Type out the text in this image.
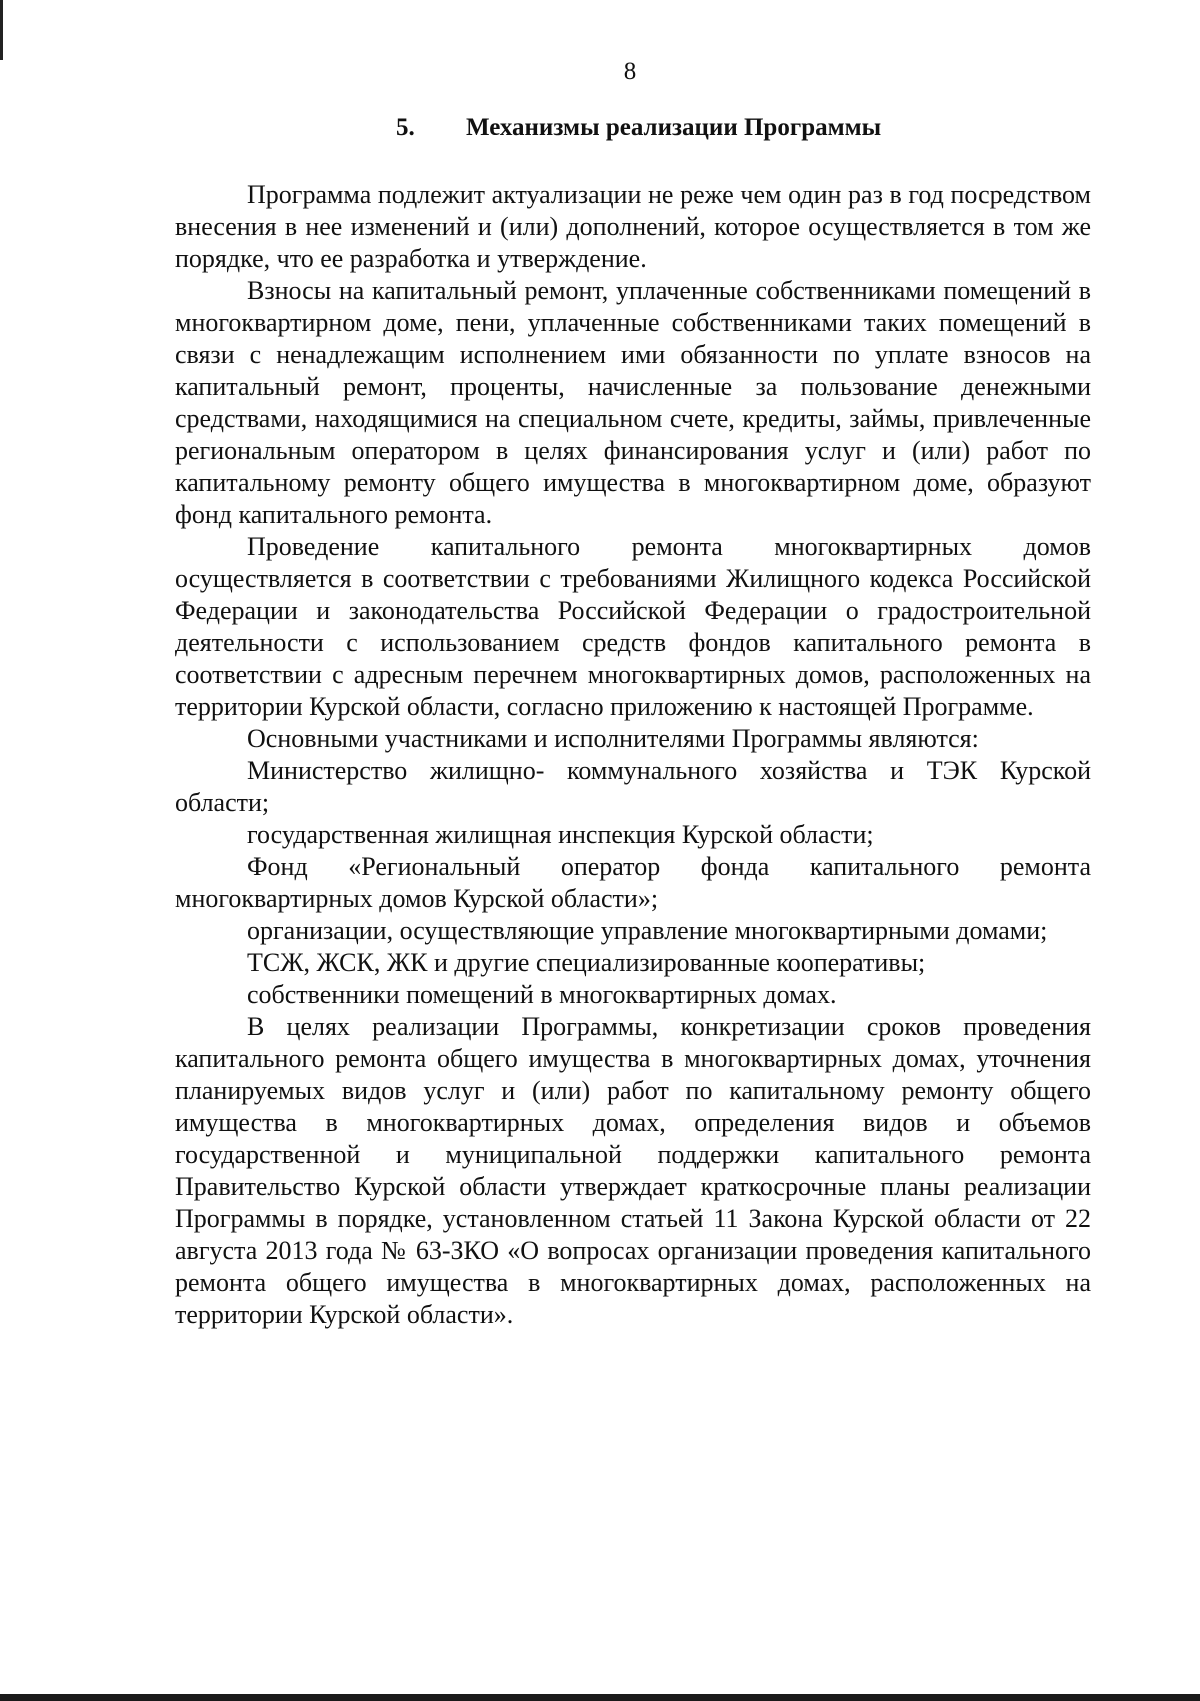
8
5. Механизмы реализации Программы

Программа подлежит актуализации не реже чем один раз в год посредством внесения в нее изменений и (или) дополнений, которое осуществляется в том же порядке, что ее разработка и утверждение.

Взносы на капитальный ремонт, уплаченные собственниками помещений в многоквартирном доме, пени, уплаченные собственниками таких помещений в связи с ненадлежащим исполнением ими обязанности по уплате взносов на капитальный ремонт, проценты, начисленные за пользование денежными средствами, находящимися на специальном счете, кредиты, займы, привлеченные региональным оператором в целях финансирования услуг и (или) работ по капитальному ремонту общего имущества в многоквартирном доме, образуют фонд капитального ремонта.

Проведение капитального ремонта многоквартирных домов осуществляется в соответствии с требованиями Жилищного кодекса Российской Федерации и законодательства Российской Федерации о градостроительной деятельности с использованием средств фондов капитального ремонта в соответствии с адресным перечнем многоквартирных домов, расположенных на территории Курской области, согласно приложению к настоящей Программе.

Основными участниками и исполнителями Программы являются:

Министерство жилищно- коммунального хозяйства и ТЭК Курской области;

государственная жилищная инспекция Курской области;

Фонд «Региональный оператор фонда капитального ремонта многоквартирных домов Курской области»;

организации, осуществляющие управление многоквартирными домами;

ТСЖ, ЖСК, ЖК и другие специализированные кооперативы;

собственники помещений в многоквартирных домах.

В целях реализации Программы, конкретизации сроков проведения капитального ремонта общего имущества в многоквартирных домах, уточнения планируемых видов услуг и (или) работ по капитальному ремонту общего имущества в многоквартирных домах, определения видов и объемов государственной и муниципальной поддержки капитального ремонта Правительство Курской области утверждает краткосрочные планы реализации Программы в порядке, установленном статьей 11 Закона Курской области от 22 августа 2013 года № 63-ЗКО «О вопросах организации проведения капитального ремонта общего имущества в многоквартирных домах, расположенных на территории Курской области».
